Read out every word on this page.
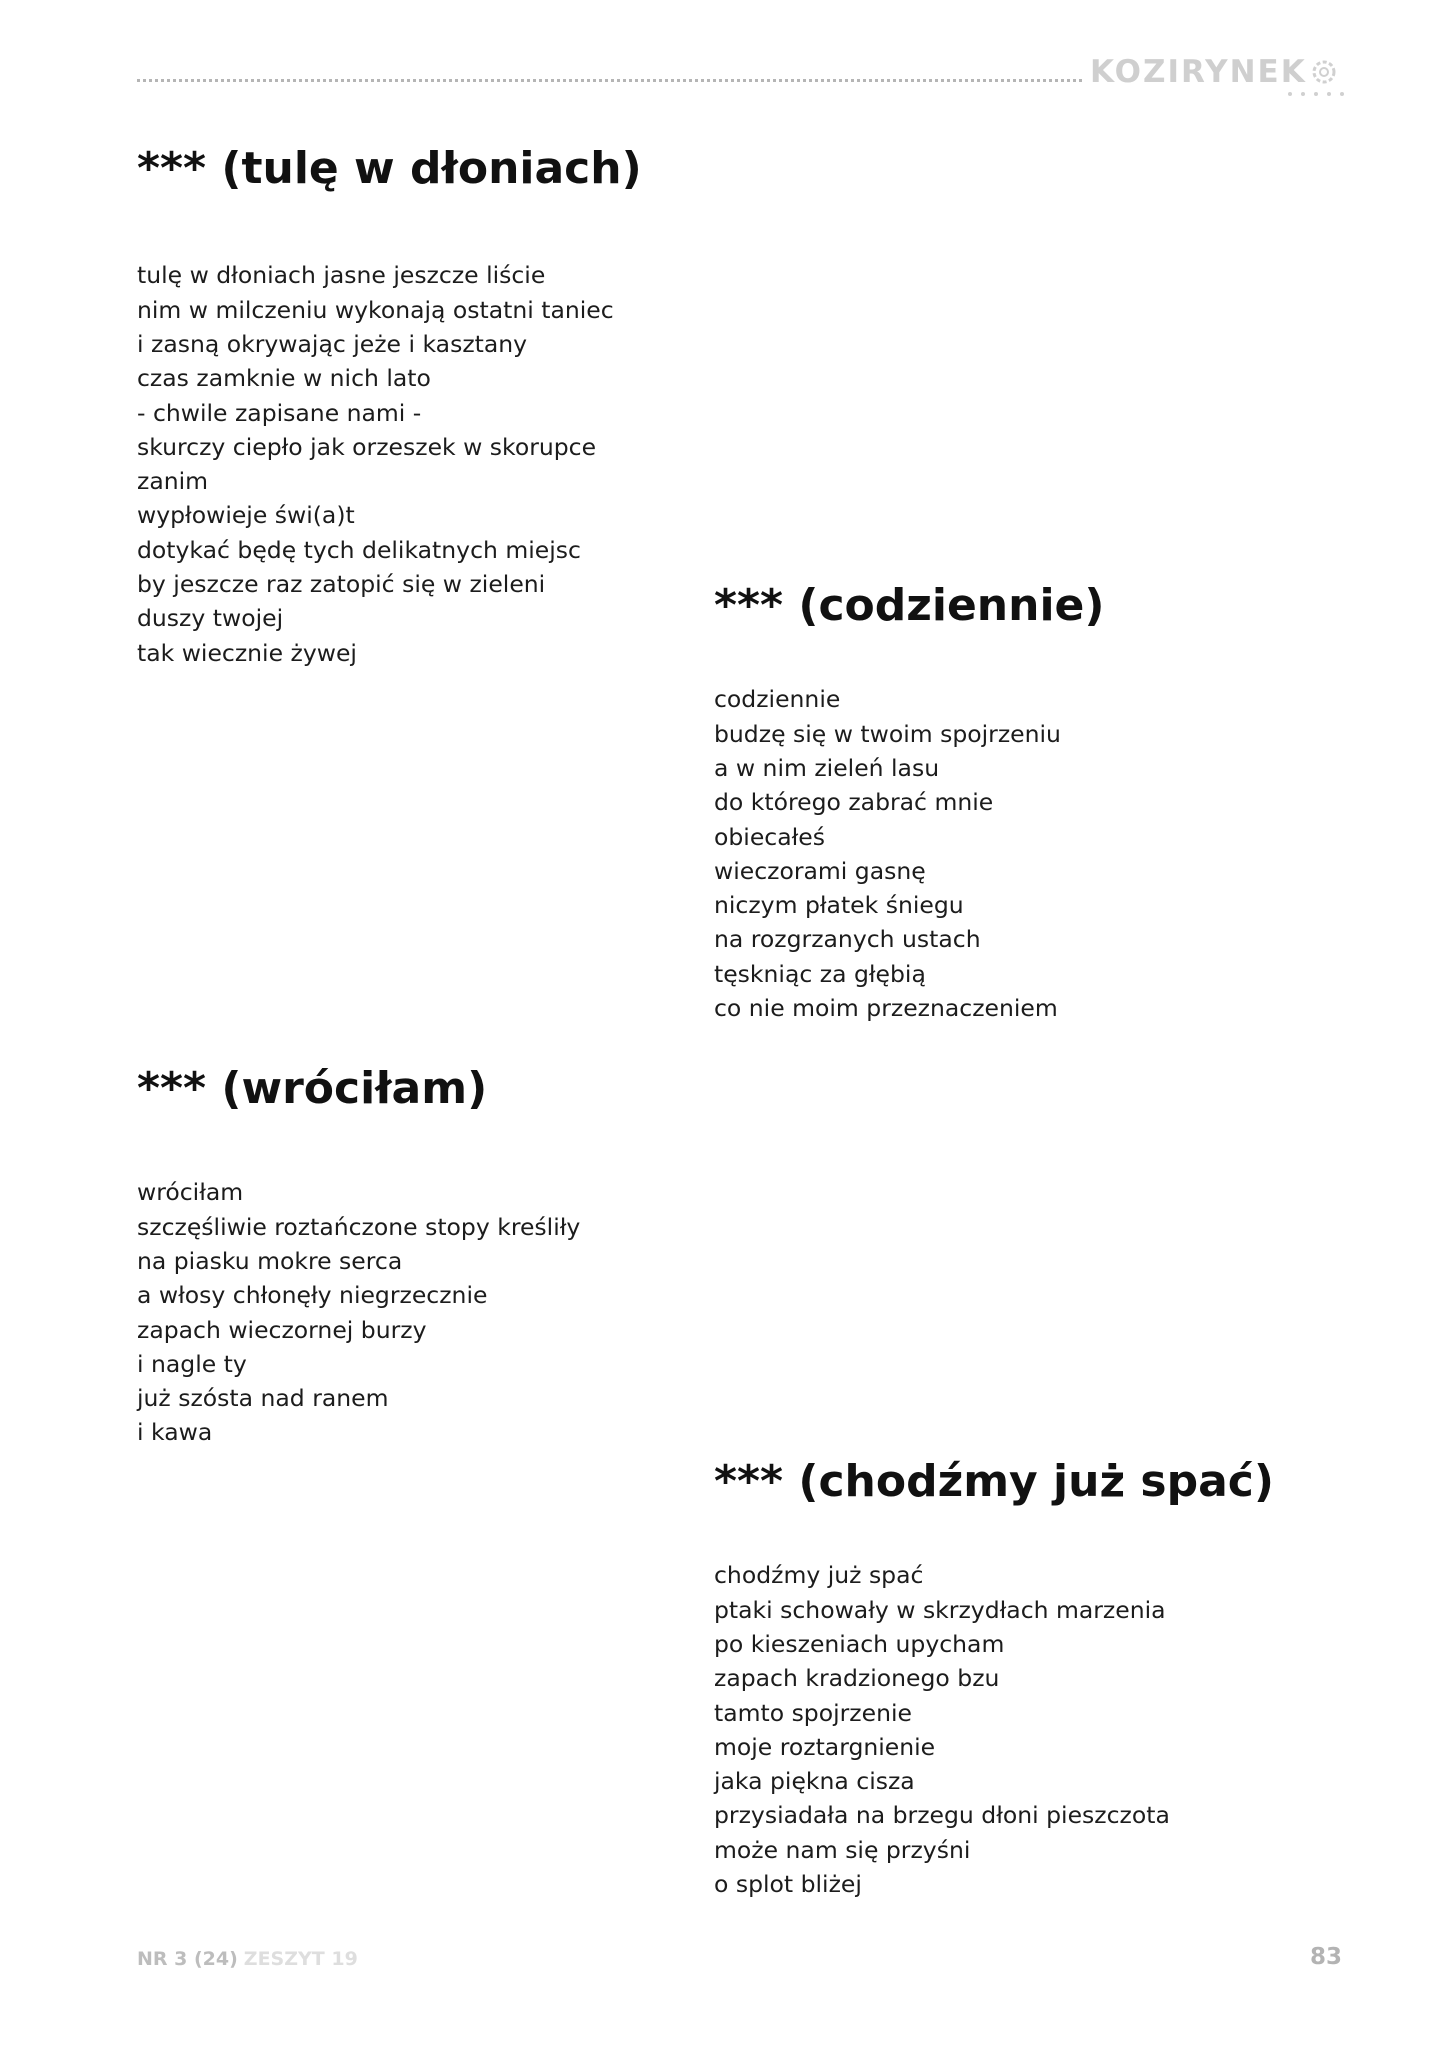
KOZIRYNEK
*** (tulę w dłoniach)
tulę w dłoniach jasne jeszcze liście
nim w milczeniu wykonają ostatni taniec
i zasną okrywając jeże i kasztany
czas zamknie w nich lato
- chwile zapisane nami -
skurczy ciepło jak orzeszek w skorupce
zanim
wypłowieje świ(a)t
dotykać będę tych delikatnych miejsc
by jeszcze raz zatopić się w zieleni
duszy twojej
tak wiecznie żywej
*** (codziennie)
codziennie
budzę się w twoim spojrzeniu
a w nim zieleń lasu
do którego zabrać mnie
obiecałeś
wieczorami gasnę
niczym płatek śniegu
na rozgrzanych ustach
tęskniąc za głębią
co nie moim przeznaczeniem
*** (wróciłam)
wróciłam
szczęśliwie roztańczone stopy kreśliły
na piasku mokre serca
a włosy chłonęły niegrzecznie
zapach wieczornej burzy
i nagle ty
już szósta nad ranem
i kawa
*** (chodźmy już spać)
chodźmy już spać
ptaki schowały w skrzydłach marzenia
po kieszeniach upycham
zapach kradzionego bzu
tamto spojrzenie
moje roztargnienie
jaka piękna cisza
przysiadała na brzegu dłoni pieszczota
może nam się przyśni
o splot bliżej
NR 3 (24) ZESZYT 19	83
